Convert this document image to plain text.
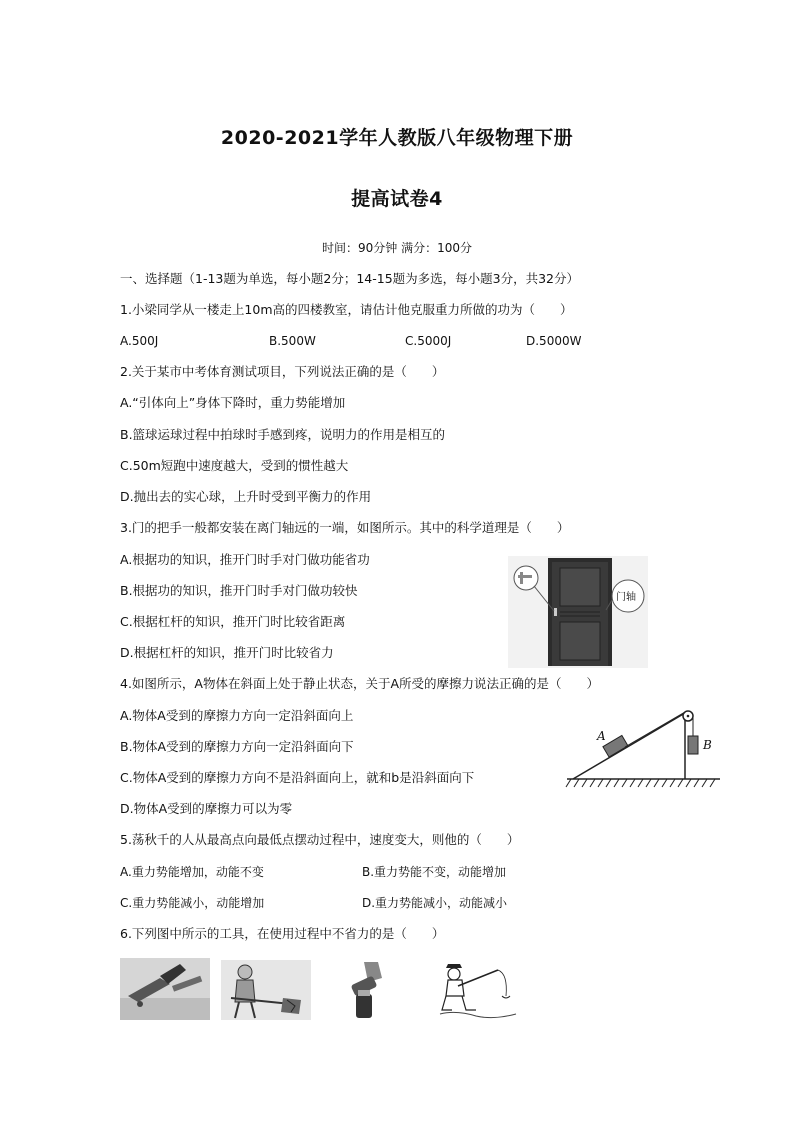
2020-2021学年人教版八年级物理下册
提高试卷4
时间：90分钟 满分：100分
一、选择题（1-13题为单选，每小题2分；14-15题为多选，每小题3分，共32分）
1.小梁同学从一楼走上10m高的四楼教室，请估计他克服重力所做的功为（　　）
A.500J	B.500W	C.5000J	D.5000W
2.关于某市中考体育测试项目，下列说法正确的是（　　）
A.“引体向上”身体下降时，重力势能增加
B.篮球运球过程中拍球时手感到疼，说明力的作用是相互的
C.50m短跑中速度越大，受到的惯性越大
D.抛出去的实心球，上升时受到平衡力的作用
3.门的把手一般都安装在离门轴远的一端，如图所示。其中的科学道理是（　　）
A.根据功的知识，推开门时手对门做功能省功
B.根据功的知识，推开门时手对门做功较快
C.根据杠杆的知识，推开门时比较省距离
D.根据杠杆的知识，推开门时比较省力
门轴
4.如图所示，A物体在斜面上处于静止状态，关于A所受的摩擦力说法正确的是（　　）
A.物体A受到的摩擦力方向一定沿斜面向上
B.物体A受到的摩擦力方向一定沿斜面向下
C.物体A受到的摩擦力方向不是沿斜面向上，就和b是沿斜面向下
D.物体A受到的摩擦力可以为零
A
B
5.荡秋千的人从最高点向最低点摆动过程中，速度变大，则他的（　　）
A.重力势能增加，动能不变	B.重力势能不变，动能增加
C.重力势能减小，动能增加	D.重力势能减小，动能减小
6.下列图中所示的工具，在使用过程中不省力的是（　　）
